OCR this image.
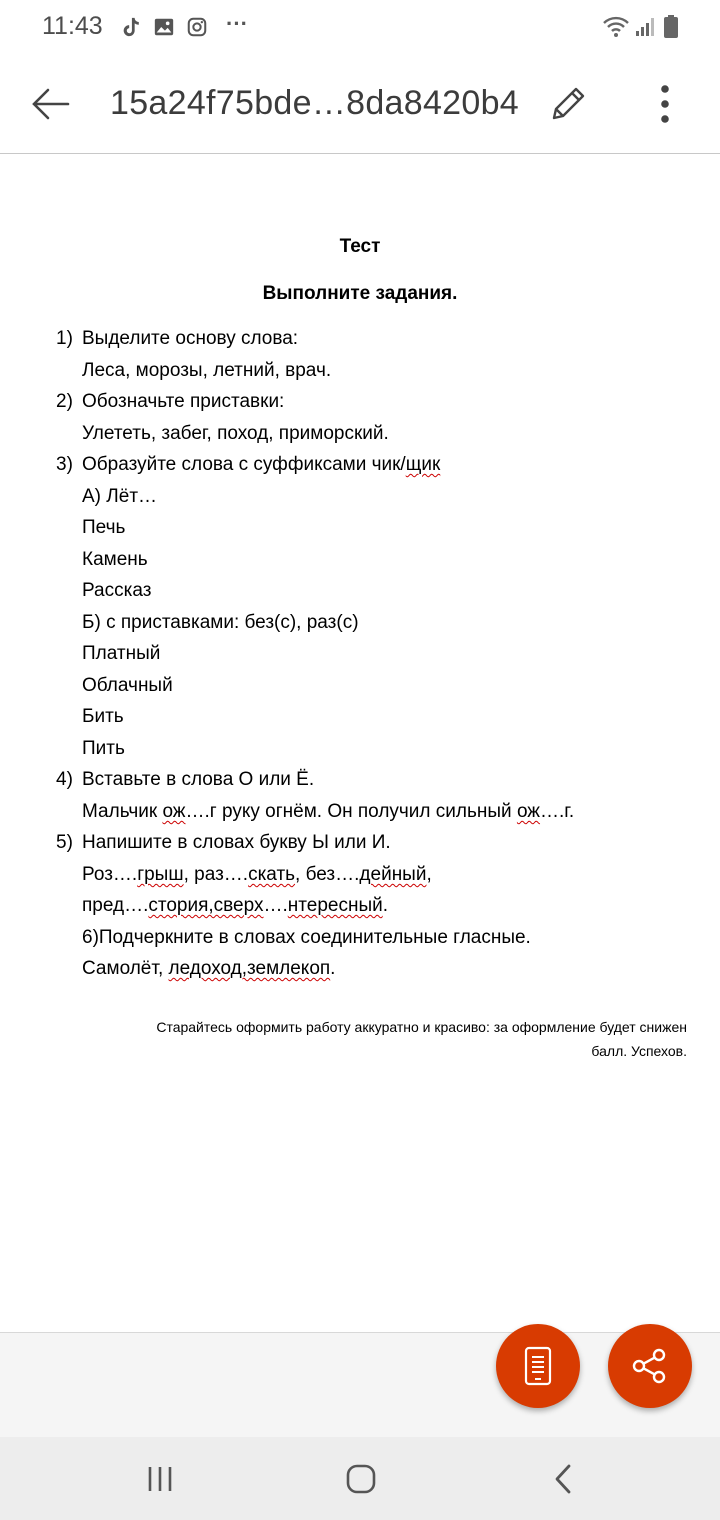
11:43	···
15a24f75bde…8da8420b4
Тест
Выполните задания.
1) Выделите основу слова:
Леса, морозы, летний, врач.
2) Обозначьте приставки:
Улететь, забег, поход, приморский.
3) Образуйте слова с суффиксами чик/щик
А) Лёт…
Печь
Камень
Рассказ
Б) с приставками: без(с), раз(с)
Платный
Облачный
Бить
Пить
4) Вставьте в слова О или Ё.
Мальчик ож….г руку огнём. Он получил сильный ож….г.
5) Напишите в словах букву Ы или И.
Роз….грыш, раз….скать, без….дейный,
пред….стория,сверх….нтересный.
6)Подчеркните в словах соединительные гласные.
Самолёт, ледоход,землекоп.
Старайтесь оформить работу аккуратно и красиво: за оформление будет снижен
балл. Успехов.
